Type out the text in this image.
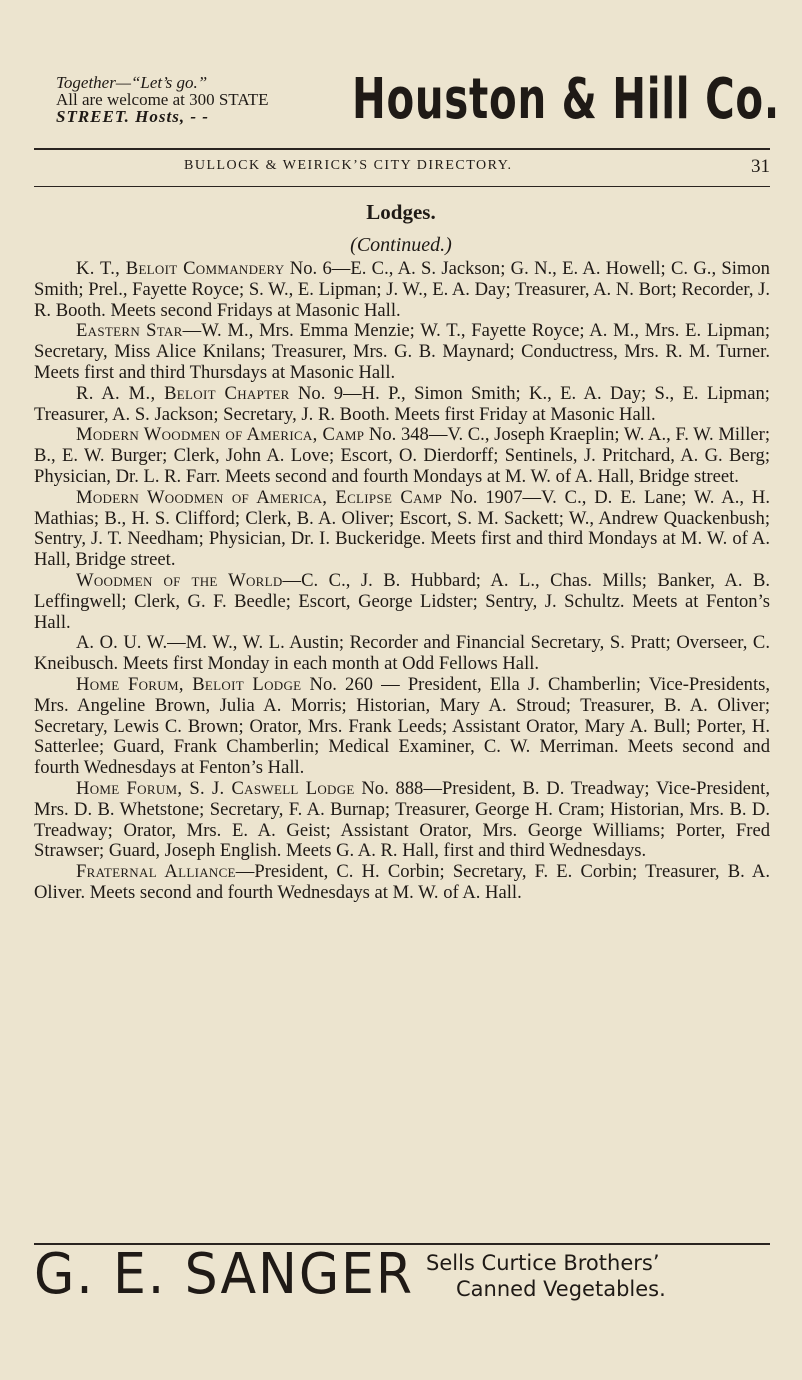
Together—“Let’s go.”
All are welcome at 300 STATE
STREET. Hosts, - -	Houston & Hill Co.
BULLOCK & WEIRICK’S CITY DIRECTORY.	31
Lodges.
(Continued.)

K. T., Beloit Commandery No. 6—E. C., A. S. Jackson; G. N., E. A. Howell; C. G., Simon Smith; Prel., Fayette Royce; S. W., E. Lipman; J. W., E. A. Day; Treasurer, A. N. Bort; Recorder, J. R. Booth. Meets second Fridays at Masonic Hall.

Eastern Star—W. M., Mrs. Emma Menzie; W. T., Fayette Royce; A. M., Mrs. E. Lipman; Secretary, Miss Alice Knilans; Treasurer, Mrs. G. B. Maynard; Conductress, Mrs. R. M. Turner. Meets first and third Thursdays at Masonic Hall.

R. A. M., Beloit Chapter No. 9—H. P., Simon Smith; K., E. A. Day; S., E. Lipman; Treasurer, A. S. Jackson; Secretary, J. R. Booth. Meets first Friday at Masonic Hall.

Modern Woodmen of America, Camp No. 348—V. C., Joseph Kraeplin; W. A., F. W. Miller; B., E. W. Burger; Clerk, John A. Love; Escort, O. Dierdorff; Sentinels, J. Pritchard, A. G. Berg; Physician, Dr. L. R. Farr. Meets second and fourth Mondays at M. W. of A. Hall, Bridge street.

Modern Woodmen of America, Eclipse Camp No. 1907—V. C., D. E. Lane; W. A., H. Mathias; B., H. S. Clifford; Clerk, B. A. Oliver; Escort, S. M. Sackett; W., Andrew Quackenbush; Sentry, J. T. Needham; Physician, Dr. I. Buckeridge. Meets first and third Mondays at M. W. of A. Hall, Bridge street.

Woodmen of the World—C. C., J. B. Hubbard; A. L., Chas. Mills; Banker, A. B. Leffingwell; Clerk, G. F. Beedle; Escort, George Lidster; Sentry, J. Schultz. Meets at Fenton’s Hall.

A. O. U. W.—M. W., W. L. Austin; Recorder and Financial Secretary, S. Pratt; Overseer, C. Kneibusch. Meets first Monday in each month at Odd Fellows Hall.

Home Forum, Beloit Lodge No. 260 — President, Ella J. Chamberlin; Vice-Presidents, Mrs. Angeline Brown, Julia A. Morris; Historian, Mary A. Stroud; Treasurer, B. A. Oliver; Secretary, Lewis C. Brown; Orator, Mrs. Frank Leeds; Assistant Orator, Mary A. Bull; Porter, H. Satterlee; Guard, Frank Chamberlin; Medical Examiner, C. W. Merriman. Meets second and fourth Wednesdays at Fenton’s Hall.

Home Forum, S. J. Caswell Lodge No. 888—President, B. D. Treadway; Vice-President, Mrs. D. B. Whetstone; Secretary, F. A. Burnap; Treasurer, George H. Cram; Historian, Mrs. B. D. Treadway; Orator, Mrs. E. A. Geist; Assistant Orator, Mrs. George Williams; Porter, Fred Strawser; Guard, Joseph English. Meets G. A. R. Hall, first and third Wednesdays.

Fraternal Alliance—President, C. H. Corbin; Secretary, F. E. Corbin; Treasurer, B. A. Oliver. Meets second and fourth Wednesdays at M. W. of A. Hall.

G. E. SANGER Sells Curtice Brothers’
Canned Vegetables.
